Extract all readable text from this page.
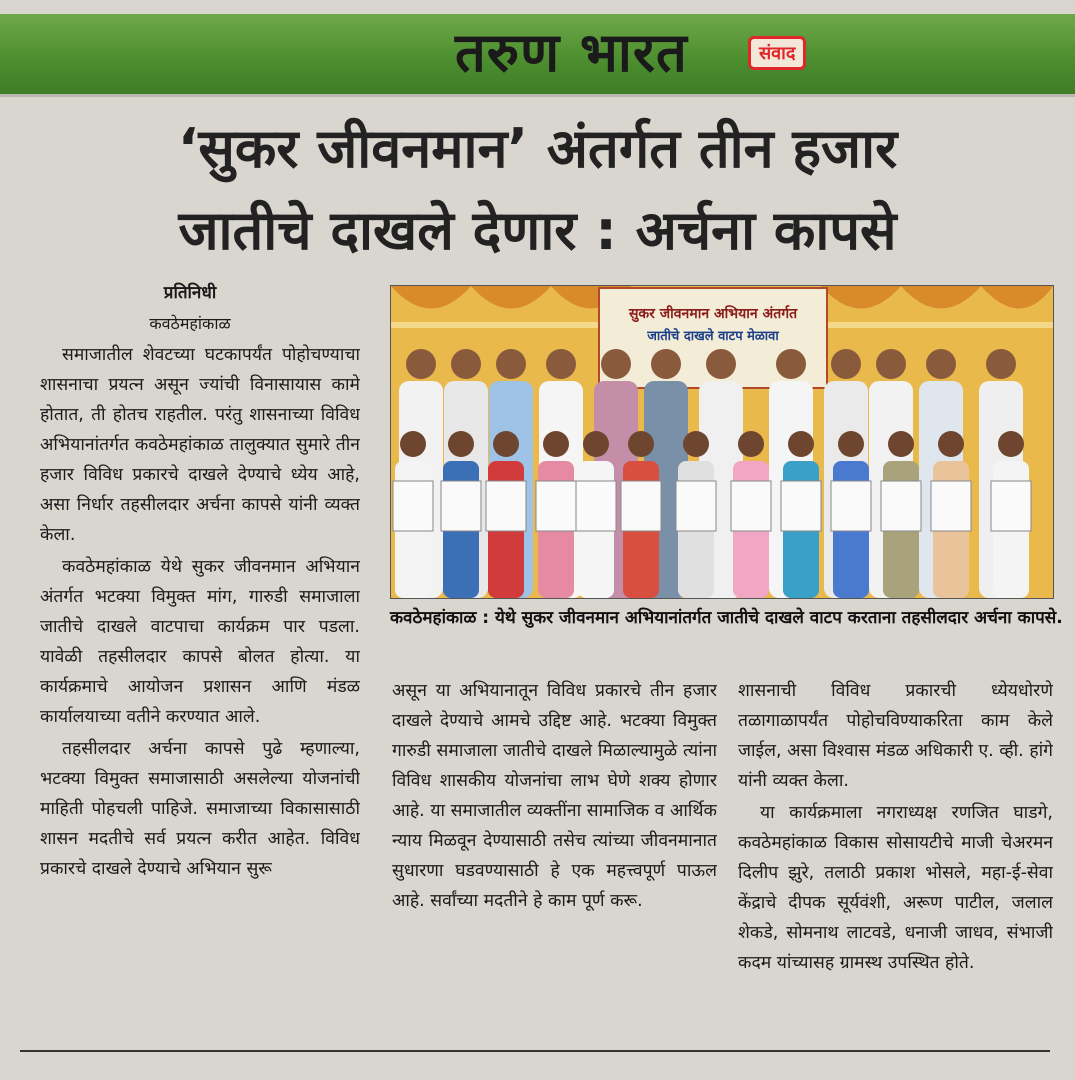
तरुण भारत	संवाद
‘सुकर जीवनमान’ अंतर्गत तीन हजार
जातीचे दाखले देणार : अर्चना कापसे
प्रतिनिधी
कवठेमहांकाळ

समाजातील शेवटच्या घटकापर्यंत पोहोचण्याचा शासनाचा प्रयत्न असून ज्यांची विनासायास कामे होतात, ती होतच राहतील. परंतु शासनाच्या विविध अभियानांतर्गत कवठेमहांकाळ तालुक्यात सुमारे तीन हजार विविध प्रकारचे दाखले देण्याचे ध्येय आहे, असा निर्धार तहसीलदार अर्चना कापसे यांनी व्यक्त केला.

कवठेमहांकाळ येथे सुकर जीवनमान अभियान अंतर्गत भटक्या विमुक्त मांग, गारुडी समाजाला जातीचे दाखले वाटपाचा कार्यक्रम पार पडला. यावेळी तहसीलदार कापसे बोलत होत्या. या कार्यक्रमाचे आयोजन प्रशासन आणि मंडळ कार्यालयाच्या वतीने करण्यात आले.

तहसीलदार अर्चना कापसे पुढे म्हणाल्या, भटक्या विमुक्त समाजासाठी असलेल्या योजनांची माहिती पोहचली पाहिजे. समाजाच्या विकासासाठी शासन मदतीचे सर्व प्रयत्न करीत आहेत. विविध प्रकारचे दाखले देण्याचे अभियान सुरू

सुकर जीवनमान अभियान अंतर्गत
जातीचे दाखले वाटप मेळावा
कवठेमहांकाळ : येथे सुकर जीवनमान अभियानांतर्गत जातीचे दाखले वाटप करताना तहसीलदार अर्चना कापसे.

असून या अभियानातून विविध प्रकारचे तीन हजार दाखले देण्याचे आमचे उद्दिष्ट आहे. भटक्या विमुक्त गारुडी समाजाला जातीचे दाखले मिळाल्यामुळे त्यांना विविध शासकीय योजनांचा लाभ घेणे शक्य होणार आहे. या समाजातील व्यक्तींना सामाजिक व आर्थिक न्याय मिळवून देण्यासाठी तसेच त्यांच्या जीवनमानात सुधारणा घडवण्यासाठी हे एक महत्त्वपूर्ण पाऊल आहे. सर्वांच्या मदतीने हे काम पूर्ण करू.

शासनाची विविध प्रकारची ध्येयधोरणे तळागाळापर्यंत पोहोचविण्याकरिता काम केले जाईल, असा विश्वास मंडळ अधिकारी ए. व्ही. हांगे यांनी व्यक्त केला.

या कार्यक्रमाला नगराध्यक्ष रणजित घाडगे, कवठेमहांकाळ विकास सोसायटीचे माजी चेअरमन दिलीप झुरे, तलाठी प्रकाश भोसले, महा-ई-सेवा केंद्राचे दीपक सूर्यवंशी, अरूण पाटील, जलाल शेकडे, सोमनाथ लाटवडे, धनाजी जाधव, संभाजी कदम यांच्यासह ग्रामस्थ उपस्थित होते.
